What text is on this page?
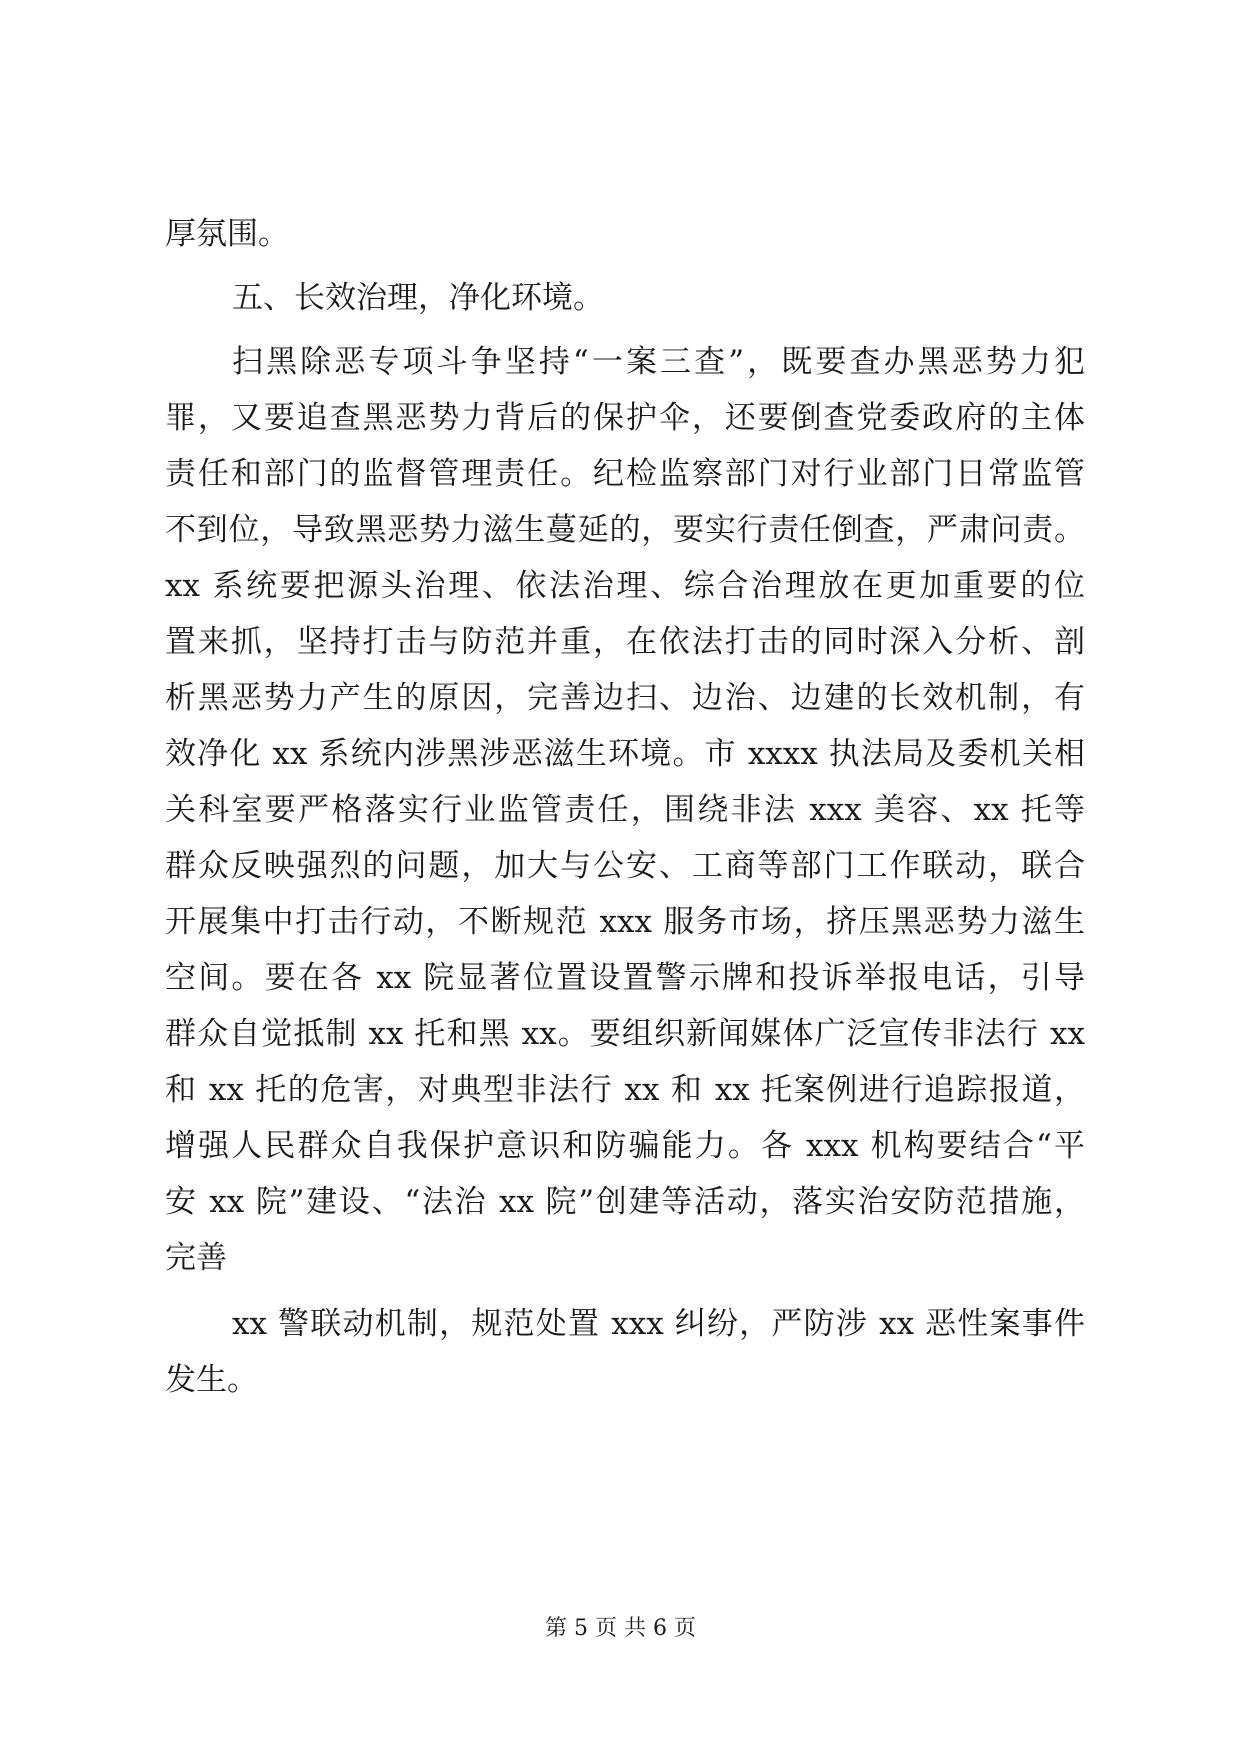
厚氛围。
五、长效治理，净化环境。
扫黑除恶专项斗争坚持“一案三查”，既要查办黑恶势力犯
罪，又要追查黑恶势力背后的保护伞，还要倒查党委政府的主体
责任和部门的监督管理责任。纪检监察部门对行业部门日常监管
不到位，导致黑恶势力滋生蔓延的，要实行责任倒查，严肃问责。
xx 系统要把源头治理、依法治理、综合治理放在更加重要的位
置来抓，坚持打击与防范并重，在依法打击的同时深入分析、剖
析黑恶势力产生的原因，完善边扫、边治、边建的长效机制，有
效净化 xx 系统内涉黑涉恶滋生环境。市 xxxx 执法局及委机关相
关科室要严格落实行业监管责任，围绕非法 xxx 美容、xx 托等
群众反映强烈的问题，加大与公安、工商等部门工作联动，联合
开展集中打击行动，不断规范 xxx 服务市场，挤压黑恶势力滋生
空间。要在各 xx 院显著位置设置警示牌和投诉举报电话，引导
群众自觉抵制 xx 托和黑 xx。要组织新闻媒体广泛宣传非法行 xx
和 xx 托的危害，对典型非法行 xx 和 xx 托案例进行追踪报道，
增强人民群众自我保护意识和防骗能力。各 xxx 机构要结合“平
安 xx 院”建设、“法治 xx 院”创建等活动，落实治安防范措施，
完善
xx 警联动机制，规范处置 xxx 纠纷，严防涉 xx 恶性案事件
发生。
第 5 页 共 6 页
